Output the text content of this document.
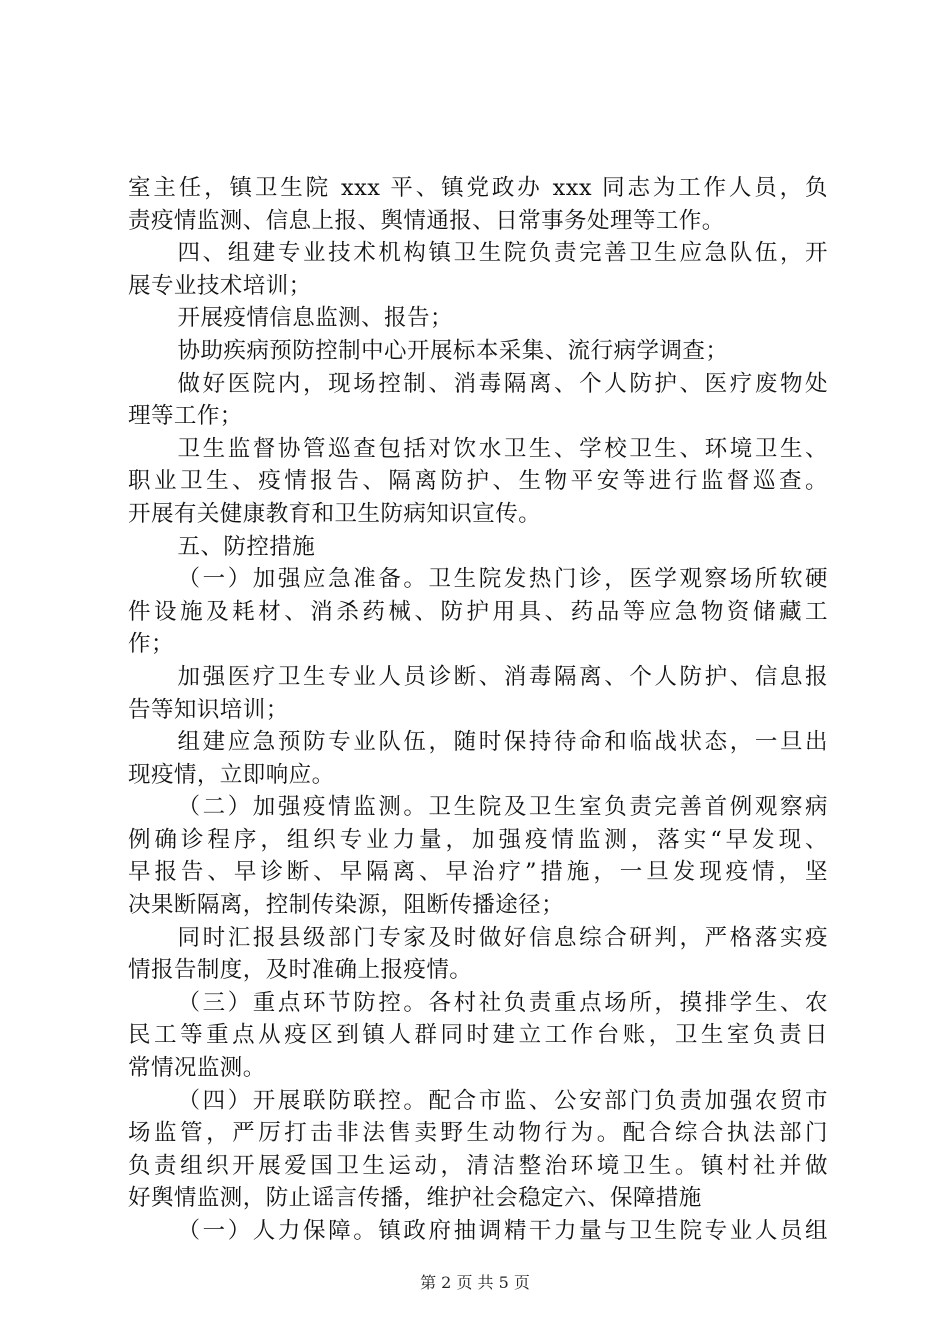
室主任，镇卫生院 xxx 平、镇党政办 xxx 同志为工作人员，负
责疫情监测、信息上报、舆情通报、日常事务处理等工作。
四、组建专业技术机构镇卫生院负责完善卫生应急队伍，开
展专业技术培训；
开展疫情信息监测、报告；
协助疾病预防控制中心开展标本采集、流行病学调查；
做好医院内，现场控制、消毒隔离、个人防护、医疗废物处
理等工作；
卫生监督协管巡查包括对饮水卫生、学校卫生、环境卫生、
职业卫生、疫情报告、隔离防护、生物平安等进行监督巡查。
开展有关健康教育和卫生防病知识宣传。
五、防控措施
（一）加强应急准备。卫生院发热门诊，医学观察场所软硬
件设施及耗材、消杀药械、防护用具、药品等应急物资储藏工
作；
加强医疗卫生专业人员诊断、消毒隔离、个人防护、信息报
告等知识培训；
组建应急预防专业队伍，随时保持待命和临战状态，一旦出
现疫情，立即响应。
（二）加强疫情监测。卫生院及卫生室负责完善首例观察病
例确诊程序，组织专业力量，加强疫情监测，落实“早发现、
早报告、早诊断、早隔离、早治疗”措施，一旦发现疫情，坚
决果断隔离，控制传染源，阻断传播途径；
同时汇报县级部门专家及时做好信息综合研判，严格落实疫
情报告制度，及时准确上报疫情。
（三）重点环节防控。各村社负责重点场所，摸排学生、农
民工等重点从疫区到镇人群同时建立工作台账，卫生室负责日
常情况监测。
（四）开展联防联控。配合市监、公安部门负责加强农贸市
场监管，严厉打击非法售卖野生动物行为。配合综合执法部门
负责组织开展爱国卫生运动，清洁整治环境卫生。镇村社并做
好舆情监测，防止谣言传播，维护社会稳定六、保障措施
（一）人力保障。镇政府抽调精干力量与卫生院专业人员组
第 2 页 共 5 页
